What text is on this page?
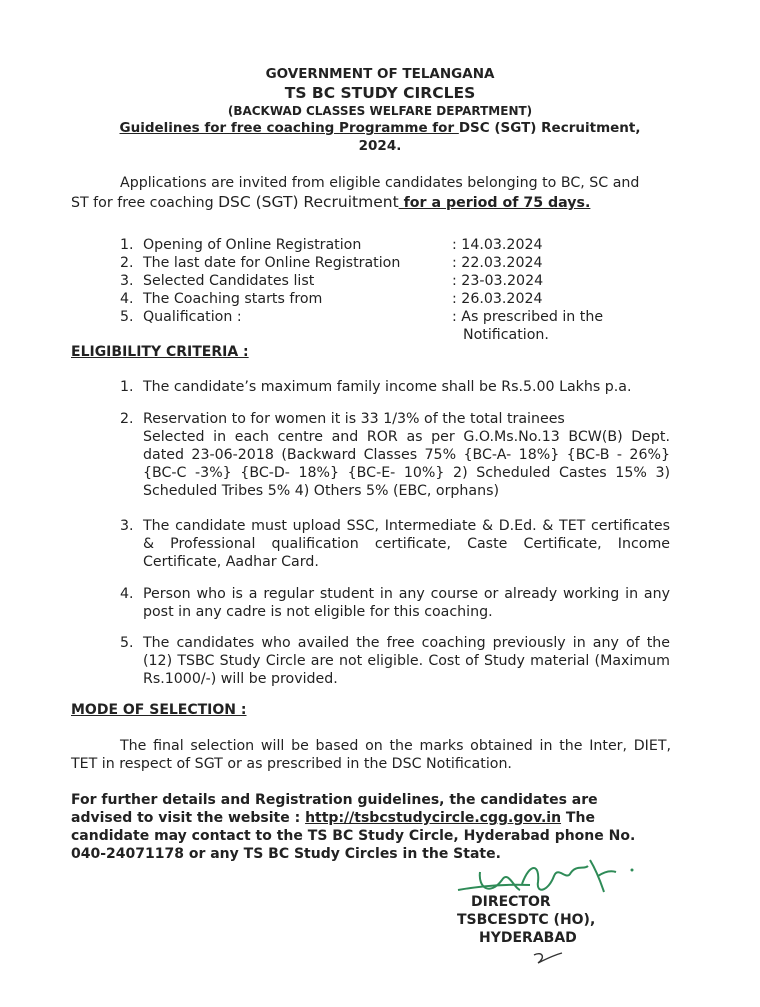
GOVERNMENT OF TELANGANA
TS BC STUDY CIRCLES
(BACKWAD CLASSES WELFARE DEPARTMENT)
Guidelines for free coaching Programme for DSC (SGT) Recruitment,
2024.
Applications are invited from eligible candidates belonging to BC, SC and
ST for free coaching DSC (SGT) Recruitment for a period of 75 days.
1. Opening of Online Registration	: 14.03.2024
2. The last date for Online Registration	: 22.03.2024
3. Selected Candidates list	: 23-03.2024
4. The Coaching starts from	: 26.03.2024
5. Qualification :	: As prescribed in the
Notification.
ELIGIBILITY CRITERIA :
1. The candidate’s maximum family income shall be Rs.5.00 Lakhs p.a.
2. Reservation to for women it is 33 1/3% of the total trainees
Selected in each centre and ROR as per G.O.Ms.No.13 BCW(B) Dept. dated 23-06-2018 (Backward Classes 75% {BC-A- 18%} {BC-B - 26%} {BC-C -3%} {BC-D- 18%} {BC-E- 10%} 2) Scheduled Castes 15% 3) Scheduled Tribes 5% 4) Others 5% (EBC, orphans)
3. The candidate must upload SSC, Intermediate & D.Ed. & TET certificates & Professional qualification certificate, Caste Certificate, Income Certificate, Aadhar Card.
4. Person who is a regular student in any course or already working in any post in any cadre is not eligible for this coaching.
5. The candidates who availed the free coaching previously in any of the (12) TSBC Study Circle are not eligible. Cost of Study material (Maximum Rs.1000/-) will be provided.
MODE OF SELECTION :
The final selection will be based on the marks obtained in the Inter, DIET, TET in respect of SGT or as prescribed in the DSC Notification.
For further details and Registration guidelines, the candidates are
advised to visit the website : http://tsbcstudycircle.cgg.gov.in The
candidate may contact to the TS BC Study Circle, Hyderabad phone No.
040-24071178 or any TS BC Study Circles in the State.
DIRECTOR
TSBCESDTC (HO),
HYDERABAD
